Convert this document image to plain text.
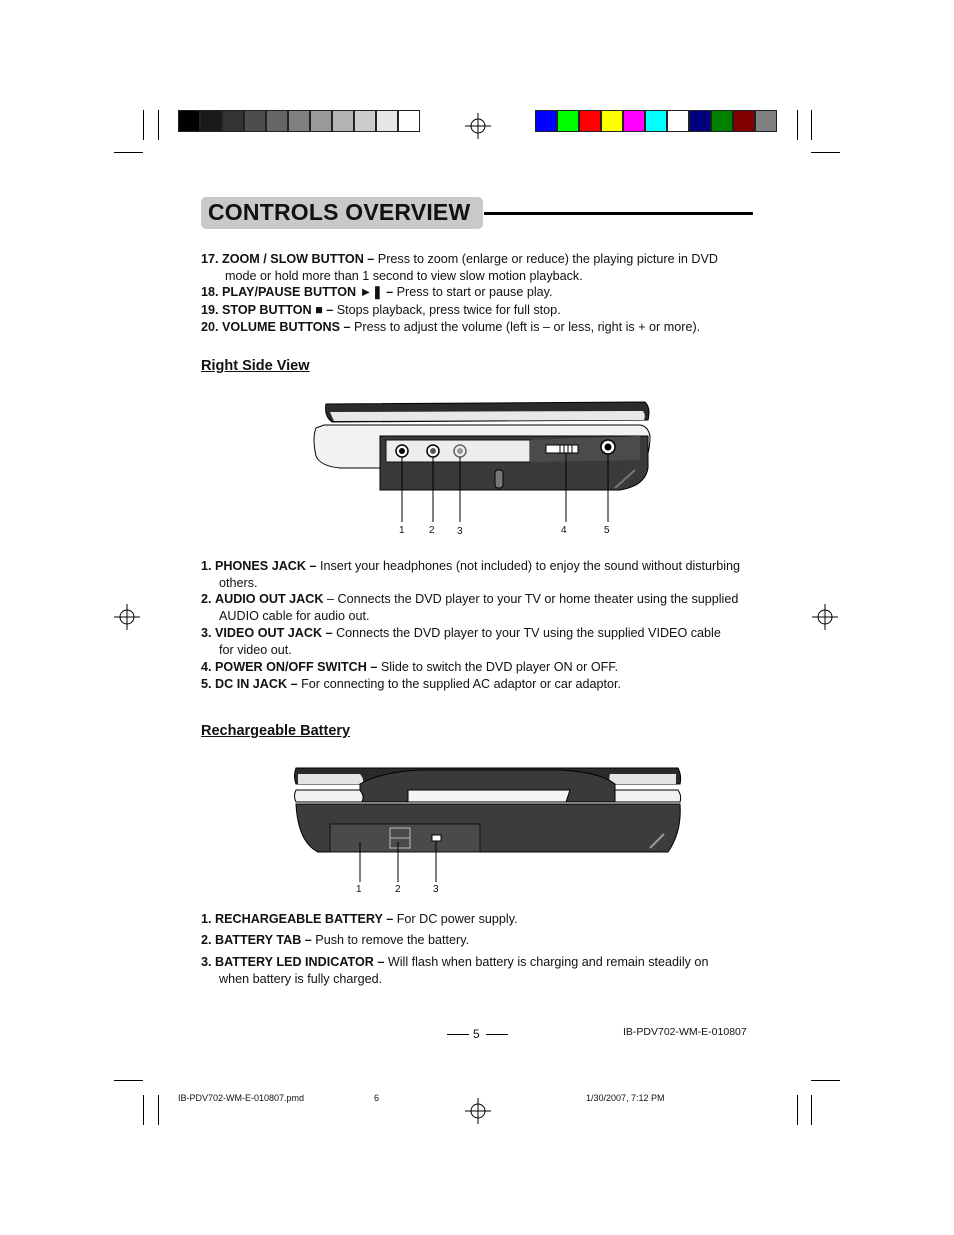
CONTROLS OVERVIEW
17. ZOOM / SLOW BUTTON – Press to zoom (enlarge or reduce) the playing picture in DVD
mode or hold more than 1 second to view slow motion playback.
18. PLAY/PAUSE BUTTON ►❚ – Press to start or pause play.
19. STOP BUTTON ■ – Stops playback, press twice for full stop.
20. VOLUME BUTTONS – Press to adjust the volume (left is – or less, right is + or more).
Right Side View
1 2 3	4	5
1. PHONES JACK – Insert your headphones (not included) to enjoy the sound without disturbing
others.
2. AUDIO OUT JACK – Connects the DVD player to your TV or home theater using the supplied
AUDIO cable for audio out.
3. VIDEO OUT JACK – Connects the DVD player to your TV using the supplied VIDEO cable
for video out.
4. POWER ON/OFF SWITCH – Slide to switch the DVD player ON or OFF.
5. DC IN JACK – For connecting to the supplied AC adaptor or car adaptor.
Rechargeable Battery
1	2	3
1. RECHARGEABLE BATTERY – For DC power supply.
2. BATTERY TAB – Push to remove the battery.
3. BATTERY LED INDICATOR – Will flash when battery is charging and remain steadily on
when battery is fully charged.
5	IB-PDV702-WM-E-010807
IB-PDV702-WM-E-010807.pmd	6	1/30/2007, 7:12 PM
